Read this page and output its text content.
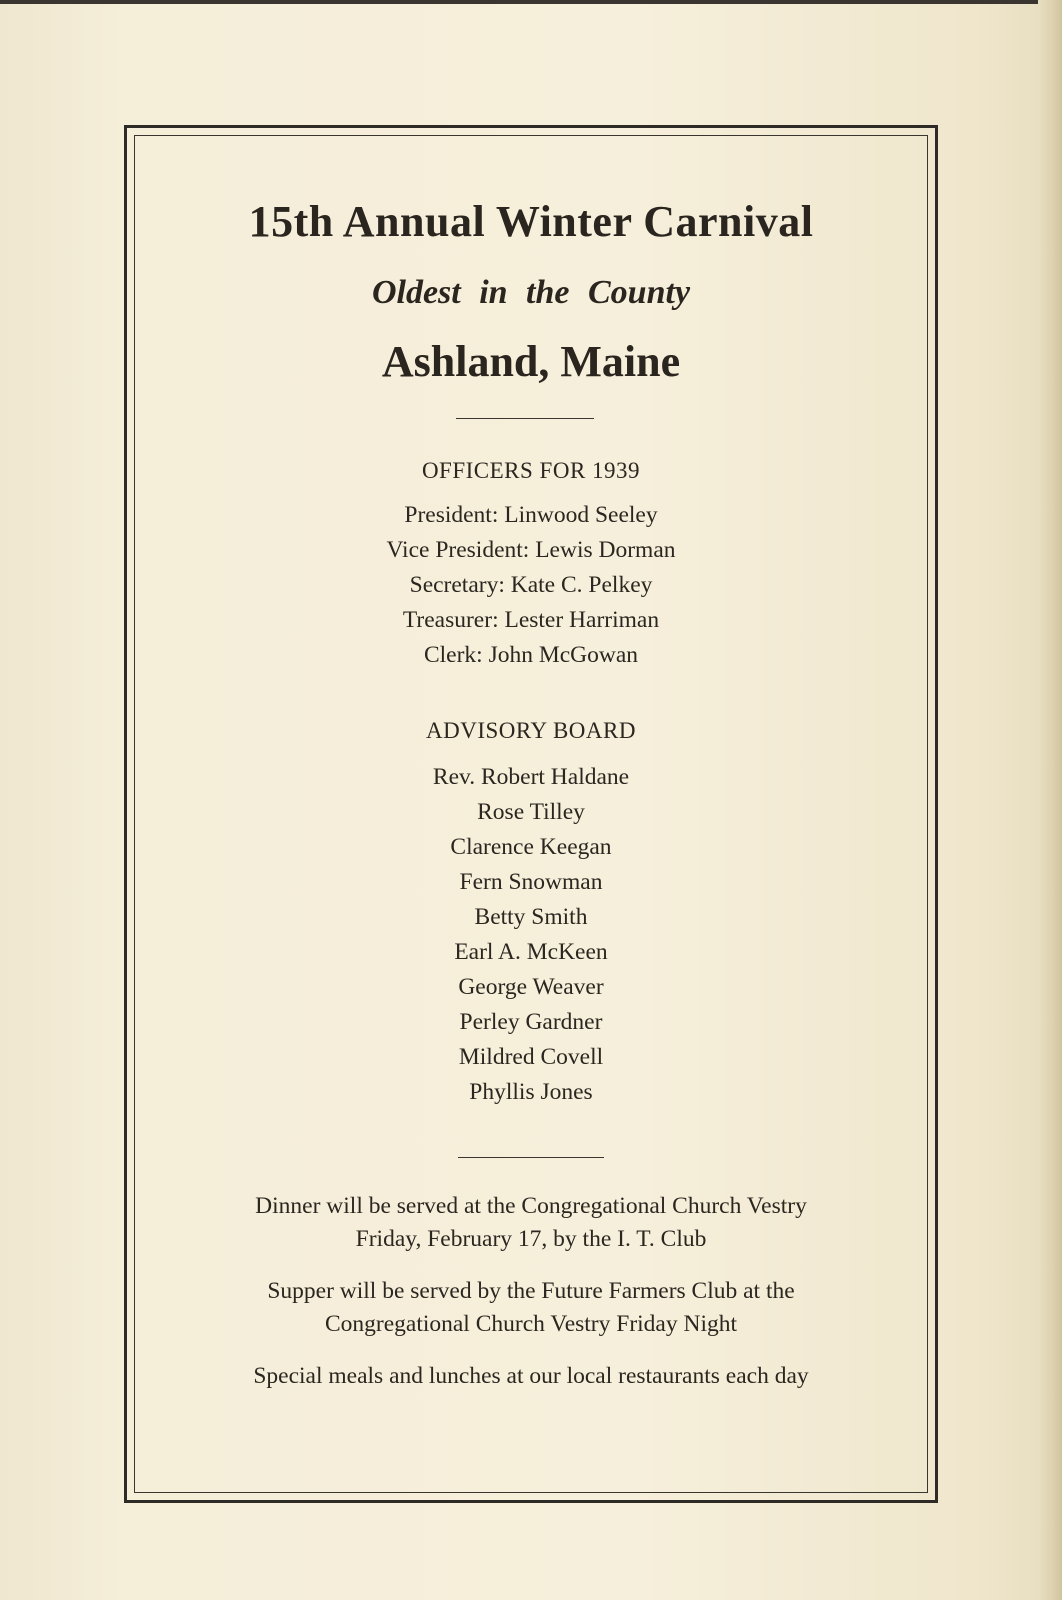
15th Annual Winter Carnival
Oldest in the County
Ashland, Maine
OFFICERS FOR 1939
President: Linwood Seeley
Vice President: Lewis Dorman
Secretary: Kate C. Pelkey
Treasurer: Lester Harriman
Clerk: John McGowan
ADVISORY BOARD
Rev. Robert Haldane
Rose Tilley
Clarence Keegan
Fern Snowman
Betty Smith
Earl A. McKeen
George Weaver
Perley Gardner
Mildred Covell
Phyllis Jones
Dinner will be served at the Congregational Church Vestry
Friday, February 17, by the I. T. Club
Supper will be served by the Future Farmers Club at the
Congregational Church Vestry Friday Night
Special meals and lunches at our local restaurants each day
